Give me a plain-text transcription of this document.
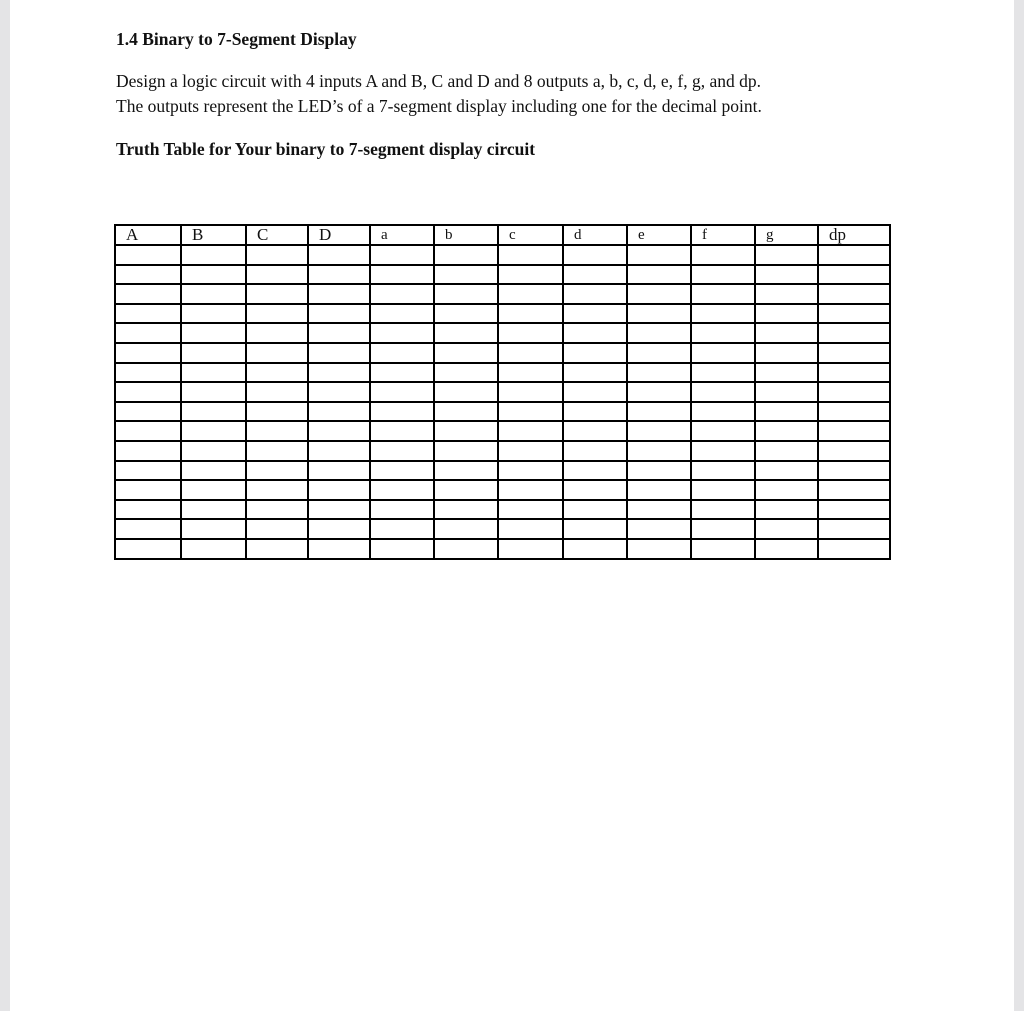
1.4 Binary to 7-Segment Display

Design a logic circuit with 4 inputs A and B, C and D and 8 outputs a, b, c, d, e, f, g, and dp.

The outputs represent the LED’s of a 7-segment display including one for the decimal point.

Truth Table for Your binary to 7-segment display circuit

A	B	C	D	a	b	c	d	e	f	g	dp
